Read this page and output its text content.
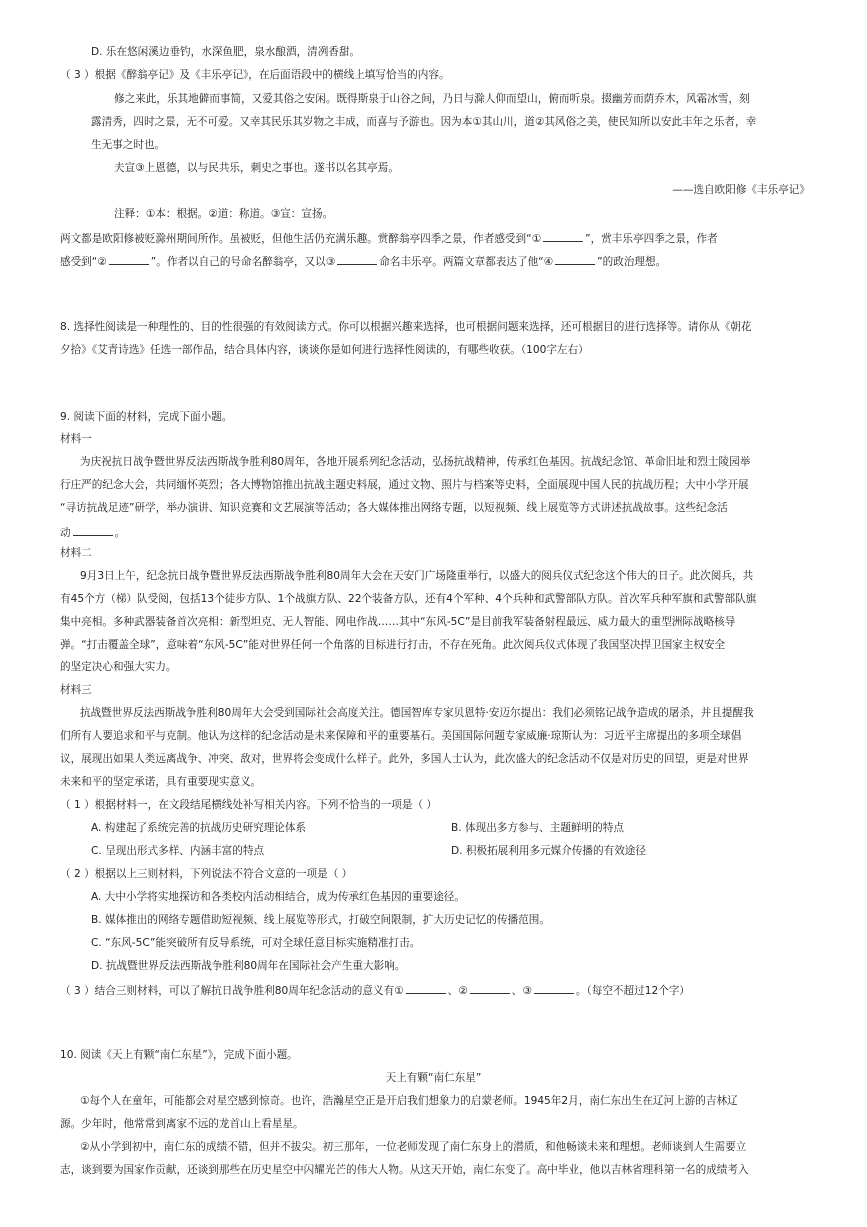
D. 乐在悠闲溪边垂钓，水深鱼肥，泉水酿酒，清冽香甜。
（ 3 ）根据《醉翁亭记》及《丰乐亭记》，在后面语段中的横线上填写恰当的内容。
修之来此，乐其地僻而事简，又爱其俗之安闲。既得斯泉于山谷之间，乃日与滁人仰而望山，俯而听泉。掇幽芳而荫乔木，风霜冰雪，刻
露清秀，四时之景，无不可爱。又幸其民乐其岁物之丰成，而喜与予游也。因为本①其山川，道②其风俗之美，使民知所以安此丰年之乐者，幸
生无事之时也。
夫宣③上恩德，以与民共乐，刺史之事也。遂书以名其亭焉。
——选自欧阳修《丰乐亭记》
注释：①本：根据。②道：称道。③宣：宣扬。
两文都是欧阳修被贬滁州期间所作。虽被贬，但他生活仍充满乐趣。赏醉翁亭四季之景，作者感受到“①	”，赏丰乐亭四季之景，作者
感受到“②	”。作者以自己的号命名醉翁亭，又以③	命名丰乐亭。两篇文章都表达了他“④	”的政治理想。
8. 选择性阅读是一种理性的、目的性很强的有效阅读方式。你可以根据兴趣来选择，也可根据问题来选择，还可根据目的进行选择等。请你从《朝花
夕拾》《艾青诗选》任选一部作品，结合具体内容，谈谈你是如何进行选择性阅读的，有哪些收获。（100字左右）
9. 阅读下面的材料，完成下面小题。
材料一
为庆祝抗日战争暨世界反法西斯战争胜利80周年，各地开展系列纪念活动，弘扬抗战精神，传承红色基因。抗战纪念馆、革命旧址和烈士陵园举
行庄严的纪念大会，共同缅怀英烈；各大博物馆推出抗战主题史料展，通过文物、照片与档案等史料，全面展现中国人民的抗战历程；大中小学开展
“寻访抗战足迹”研学，举办演讲、知识竞赛和文艺展演等活动；各大媒体推出网络专题，以短视频、线上展览等方式讲述抗战故事。这些纪念活
动	。
材料二
9月3日上午，纪念抗日战争暨世界反法西斯战争胜利80周年大会在天安门广场隆重举行，以盛大的阅兵仪式纪念这个伟大的日子。此次阅兵，共
有45个方（梯）队受阅，包括13个徒步方队、1个战旗方队、22个装备方队，还有4个军种、4个兵种和武警部队方队。首次军兵种军旗和武警部队旗
集中亮相。多种武器装备首次亮相：新型坦克、无人智能、网电作战……其中“东风-5C”是目前我军装备射程最远、威力最大的重型洲际战略核导
弹。“打击覆盖全球”，意味着“东风-5C”能对世界任何一个角落的目标进行打击，不存在死角。此次阅兵仪式体现了我国坚决捍卫国家主权安全
的坚定决心和强大实力。
材料三
抗战暨世界反法西斯战争胜利80周年大会受到国际社会高度关注。德国智库专家贝恩特·安迈尔提出：我们必须铭记战争造成的屠杀，并且提醒我
们所有人要追求和平与克制。他认为这样的纪念活动是未来保障和平的重要基石。美国国际问题专家威廉·琼斯认为：习近平主席提出的多项全球倡
议，展现出如果人类远离战争、冲突、敌对，世界将会变成什么样子。此外，多国人士认为，此次盛大的纪念活动不仅是对历史的回望，更是对世界
未来和平的坚定承诺，具有重要现实意义。
（ 1 ）根据材料一，在文段结尾横线处补写相关内容。下列不恰当的一项是（ ）
A. 构建起了系统完善的抗战历史研究理论体系	B. 体现出多方参与、主题鲜明的特点
C. 呈现出形式多样、内涵丰富的特点	D. 积极拓展利用多元媒介传播的有效途径
（ 2 ）根据以上三则材料，下列说法不符合文意的一项是（ ）
A. 大中小学将实地探访和各类校内活动相结合，成为传承红色基因的重要途径。
B. 媒体推出的网络专题借助短视频、线上展览等形式，打破空间限制，扩大历史记忆的传播范围。
C. “东风-5C”能突破所有反导系统，可对全球任意目标实施精准打击。
D. 抗战暨世界反法西斯战争胜利80周年在国际社会产生重大影响。
（ 3 ）结合三则材料，可以了解抗日战争胜利80周年纪念活动的意义有①	、②	、③	。（每空不超过12个字）
10. 阅读《天上有颗“南仁东星”》，完成下面小题。
天上有颗“南仁东星”
①每个人在童年，可能都会对星空感到惊奇。也许，浩瀚星空正是开启我们想象力的启蒙老师。1945年2月，南仁东出生在辽河上游的吉林辽
源。少年时，他常常到离家不远的龙首山上看星星。
②从小学到初中，南仁东的成绩不错，但并不拔尖。初三那年，一位老师发现了南仁东身上的潜质，和他畅谈未来和理想。老师谈到人生需要立
志，谈到要为国家作贡献，还谈到那些在历史星空中闪耀光芒的伟大人物。从这天开始，南仁东变了。高中毕业，他以吉林省理科第一名的成绩考入
